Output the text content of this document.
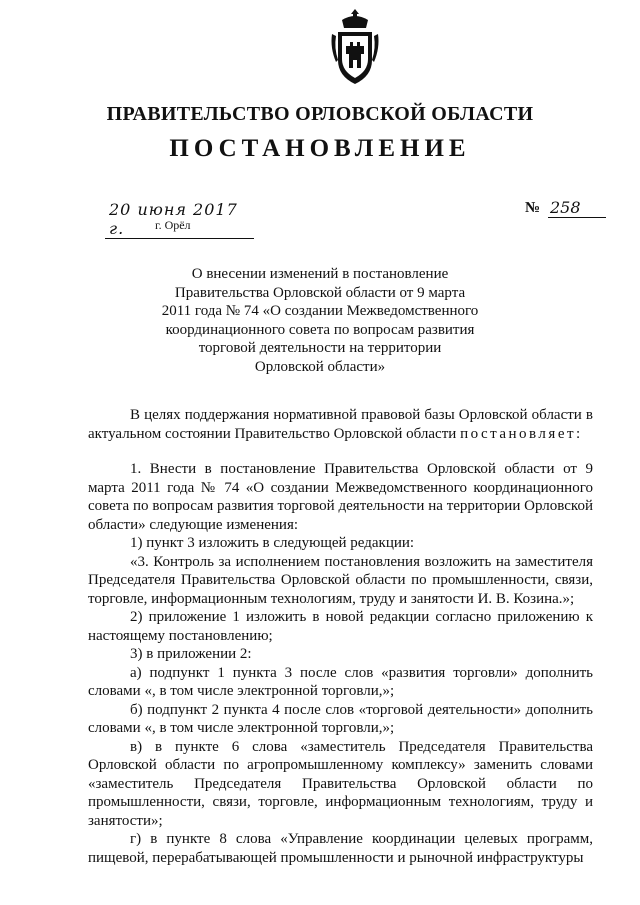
ПРАВИТЕЛЬСТВО ОРЛОВСКОЙ ОБЛАСТИ
ПОСТАНОВЛЕНИЕ
20 июня 2017 г.	г. Орёл
№ 258

О внесении изменений в постановление
Правительства Орловской области от 9 марта
2011 года № 74 «О создании Межведомственного
координационного совета по вопросам развития
торговой деятельности на территории
Орловской области»

В целях поддержания нормативной правовой базы Орловской области в актуальном состоянии Правительство Орловской области постановляет:

1. Внести в постановление Правительства Орловской области от 9 марта 2011 года № 74 «О создании Межведомственного координационного совета по вопросам развития торговой деятельности на территории Орловской области» следующие изменения:

1) пункт 3 изложить в следующей редакции:

«3. Контроль за исполнением постановления возложить на заместителя Председателя Правительства Орловской области по промышленности, связи, торговле, информационным технологиям, труду и занятости И. В. Козина.»;

2) приложение 1 изложить в новой редакции согласно приложению к настоящему постановлению;

3) в приложении 2:

а) подпункт 1 пункта 3 после слов «развития торговли» дополнить словами «, в том числе электронной торговли,»;

б) подпункт 2 пункта 4 после слов «торговой деятельности» дополнить словами «, в том числе электронной торговли,»;

в) в пункте 6 слова «заместитель Председателя Правительства Орловской области по агропромышленному комплексу» заменить словами «заместитель Председателя Правительства Орловской области по промышленности, связи, торговле, информационным технологиям, труду и занятости»;

г) в пункте 8 слова «Управление координации целевых программ, пищевой, перерабатывающей промышленности и рыночной инфраструктуры
